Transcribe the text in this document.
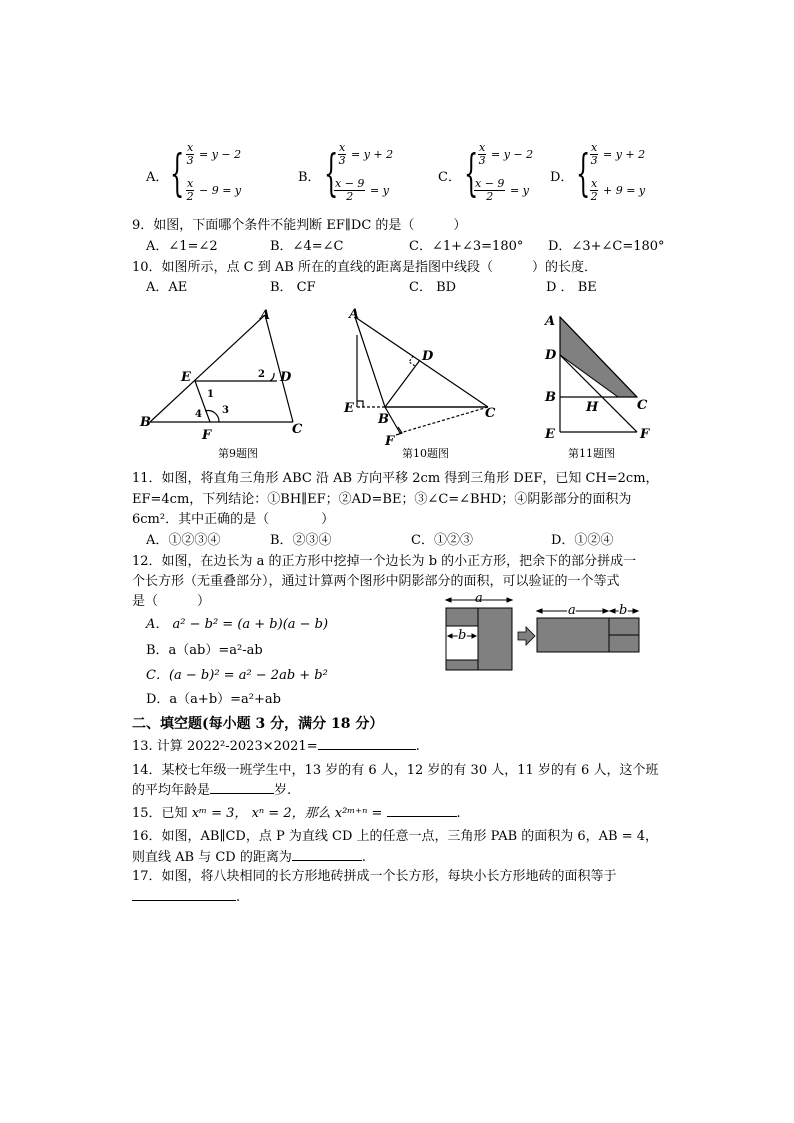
A． { $\frac{x}{3} = y - 2$
$\frac{x}{2} - 9 = y$
B． { $\frac{x}{3} = y + 2$
$\frac{x - 9}{2} = y$
C． { $\frac{x}{3} = y - 2$
$\frac{x - 9}{2} = y$
D． { $\frac{x}{3} = y + 2$
$\frac{x}{2} + 9 = y$
9．如图，下面哪个条件不能判断 EF∥DC 的是（　　　）
A．∠1=∠2	B．∠4=∠C	C．∠1+∠3=180° D．∠3+∠C=180°
10．如图所示，点 C 到 AB 所在的直线的距离是指图中线段（　　　）的长度．
A．AE	B． CF	C． BD	D ． BE
A
E	D
B
F	C
1
2
3
4
第9题图
A
D
E
B	C
F
第10题图
A
D
B
H	C
E	F
第11题图
11．如图，将直角三角形 ABC 沿 AB 方向平移 2cm 得到三角形 DEF，已知 CH=2cm，
EF=4cm，下列结论：①BH∥EF；②AD=BE；③∠C=∠BHD；④阴影部分的面积为
6cm²．其中正确的是（　　　　）
A．①②③④	B．②③④	C．①②③	D．①②④
12．如图，在边长为 a 的正方形中挖掉一个边长为 b 的小正方形，把余下的部分拼成一
个长方形（无重叠部分），通过计算两个图形中阴影部分的面积，可以验证的一个等式
是（　　　）
A． a² − b² = (a + b)(a − b)
B．a（ab）=a²-ab
C．(a − b)² = a² − 2ab + b²
D．a（a+b）=a²+ab
a
b
a	b
二、填空题(每小题 3 分，满分 18 分）
13. 计算 2022²-2023×2021=	.
14．某校七年级一班学生中，13 岁的有 6 人，12 岁的有 30 人，11 岁的有 6 人，这个班
的平均年龄是	岁.
15．已知 xᵐ = 3， xⁿ = 2，那么 x²ᵐ⁺ⁿ =	.
16．如图，AB∥CD，点 P 为直线 CD 上的任意一点，三角形 PAB 的面积为 6，AB = 4，
则直线 AB 与 CD 的距离为	.
17．如图，将八块相同的长方形地砖拼成一个长方形，每块小长方形地砖的面积等于
.
